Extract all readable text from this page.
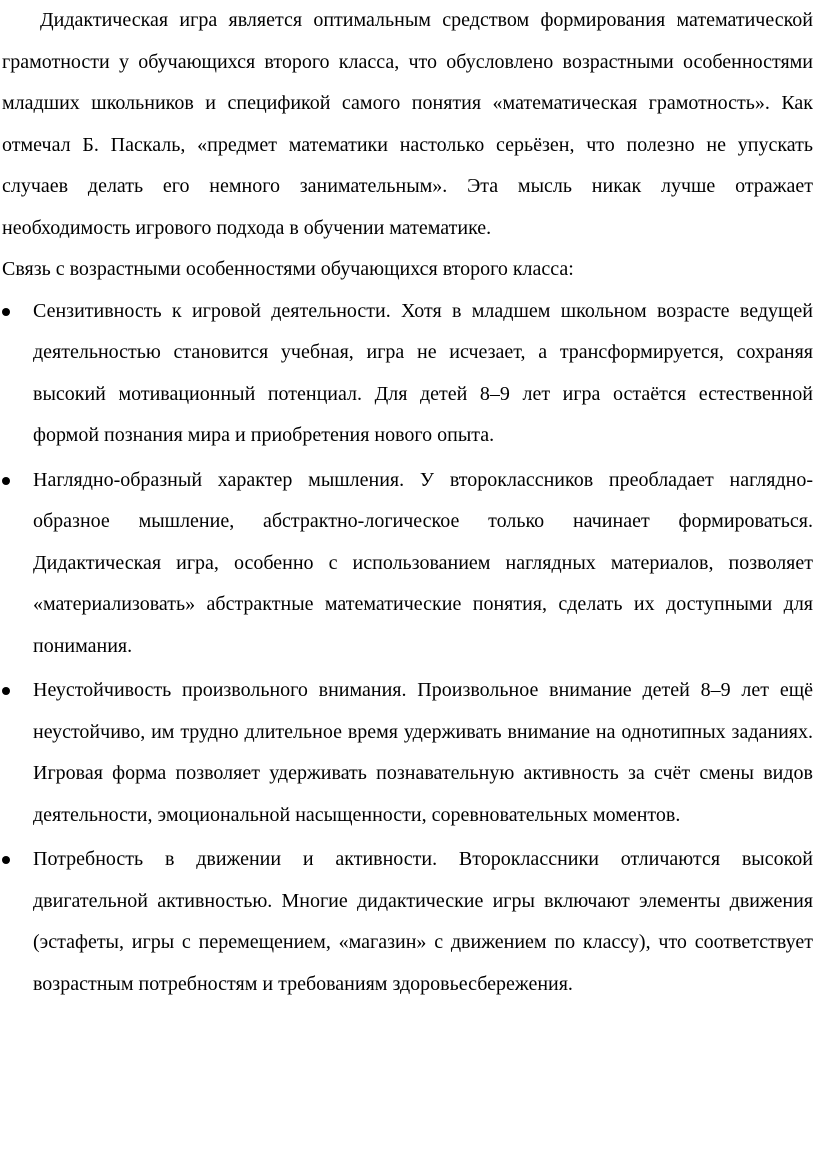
Дидактическая игра является оптимальным средством формирования математической грамотности у обучающихся второго класса, что обусловлено возрастными особенностями младших школьников и спецификой самого понятия «математическая грамотность». Как отмечал Б. Паскаль, «предмет математики настолько серьёзен, что полезно не упускать случаев делать его немного занимательным». Эта мысль никак лучше отражает необходимость игрового подхода в обучении математике.

Связь с возрастными особенностями обучающихся второго класса:

Сензитивность к игровой деятельности. Хотя в младшем школьном возрасте ведущей деятельностью становится учебная, игра не исчезает, а трансформируется, сохраняя высокий мотивационный потенциал. Для детей 8–9 лет игра остаётся естественной формой познания мира и приобретения нового опыта.
Наглядно-образный характер мышления. У второклассников преобладает наглядно-образное мышление, абстрактно-логическое только начинает формироваться. Дидактическая игра, особенно с использованием наглядных материалов, позволяет «материализовать» абстрактные математические понятия, сделать их доступными для понимания.
Неустойчивость произвольного внимания. Произвольное внимание детей 8–9 лет ещё неустойчиво, им трудно длительное время удерживать внимание на однотипных заданиях. Игровая форма позволяет удерживать познавательную активность за счёт смены видов деятельности, эмоциональной насыщенности, соревновательных моментов.
Потребность в движении и активности. Второклассники отличаются высокой двигательной активностью. Многие дидактические игры включают элементы движения (эстафеты, игры с перемещением, «магазин» с движением по классу), что соответствует возрастным потребностям и требованиям здоровьесбережения.
